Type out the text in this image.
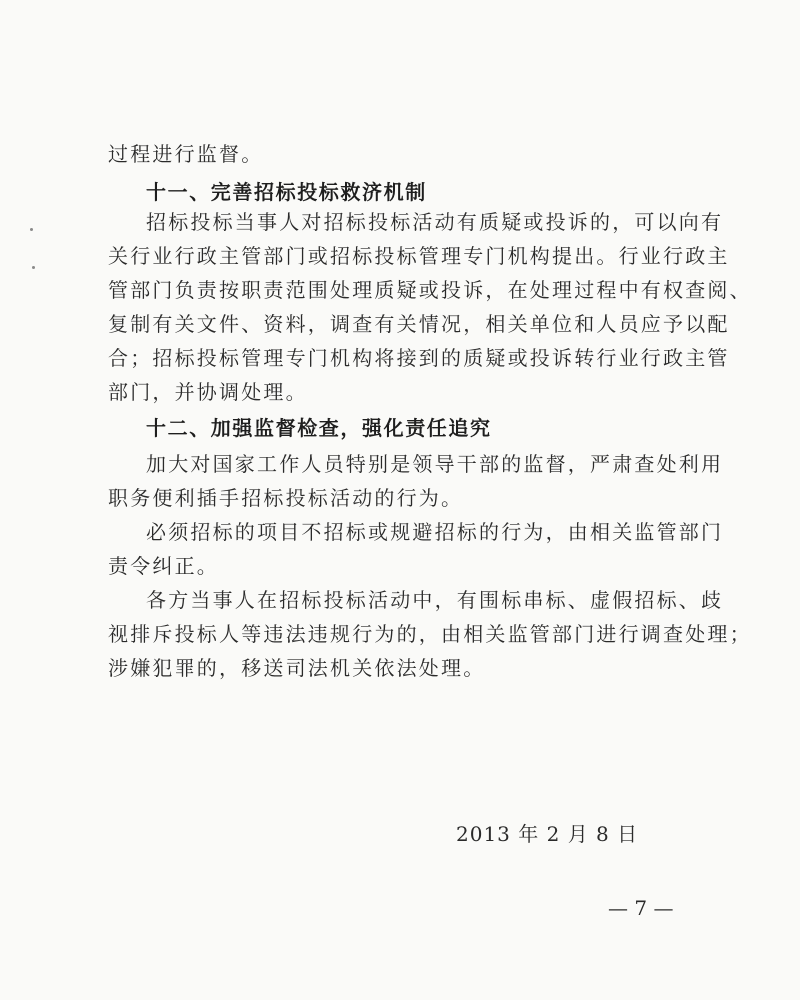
过程进行监督。
十一、完善招标投标救济机制
招标投标当事人对招标投标活动有质疑或投诉的，可以向有
关行业行政主管部门或招标投标管理专门机构提出。行业行政主
管部门负责按职责范围处理质疑或投诉，在处理过程中有权查阅、
复制有关文件、资料，调查有关情况，相关单位和人员应予以配
合；招标投标管理专门机构将接到的质疑或投诉转行业行政主管
部门，并协调处理。
十二、加强监督检查，强化责任追究
加大对国家工作人员特别是领导干部的监督，严肃查处利用
职务便利插手招标投标活动的行为。
必须招标的项目不招标或规避招标的行为，由相关监管部门
责令纠正。
各方当事人在招标投标活动中，有围标串标、虚假招标、歧
视排斥投标人等违法违规行为的，由相关监管部门进行调查处理；
涉嫌犯罪的，移送司法机关依法处理。
2013 年 2 月 8 日
— 7 —
